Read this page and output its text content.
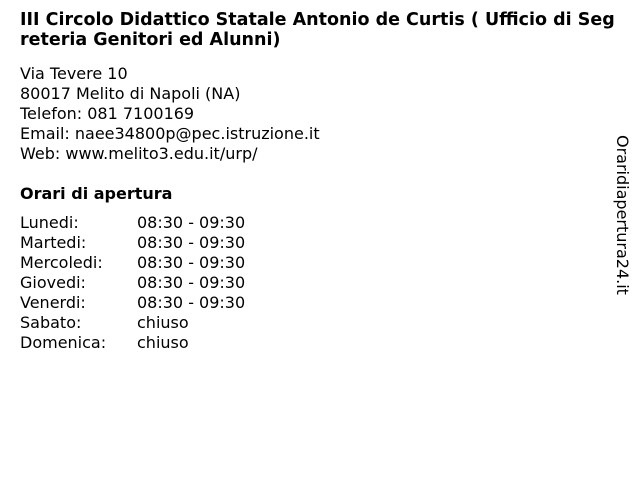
III Circolo Didattico Statale Antonio de Curtis ( Ufficio di Segreteria Genitori ed Alunni)
Via Tevere 10
80017 Melito di Napoli (NA)
Telefon: 081 7100169
Email: naee34800p@pec.istruzione.it
Web: www.melito3.edu.it/urp/
Orari di apertura
Lunedi:	08:30 - 09:30
Martedi:	08:30 - 09:30
Mercoledi:	08:30 - 09:30
Giovedi:	08:30 - 09:30
Venerdi:	08:30 - 09:30
Sabato:	chiuso
Domenica:	chiuso
Oraridiapertura24.it
